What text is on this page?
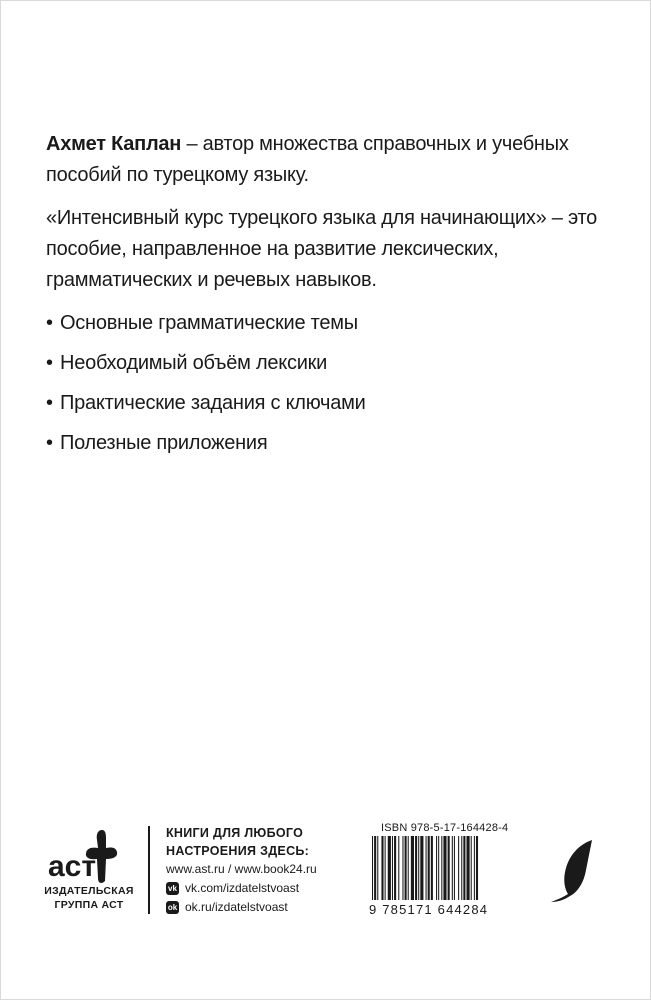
Ахмет Каплан – автор множества справочных и учебных пособий по турецкому языку.

«Интенсивный курс турецкого языка для начинающих» – это пособие, направленное на развитие лексических, грамматических и речевых навыков.

• Основные грамматические темы
• Необходимый объём лексики
• Практические задания с ключами
• Полезные приложения
аст
ИЗДАТЕЛЬСКАЯ
ГРУППА АСТ
КНИГИ ДЛЯ ЛЮБОГО
НАСТРОЕНИЯ ЗДЕСЬ:
www.ast.ru / www.book24.ru
vk vk.com/izdatelstvoast
ok ok.ru/izdatelstvoast
ISBN 978-5-17-164428-4
9 785171 644284
